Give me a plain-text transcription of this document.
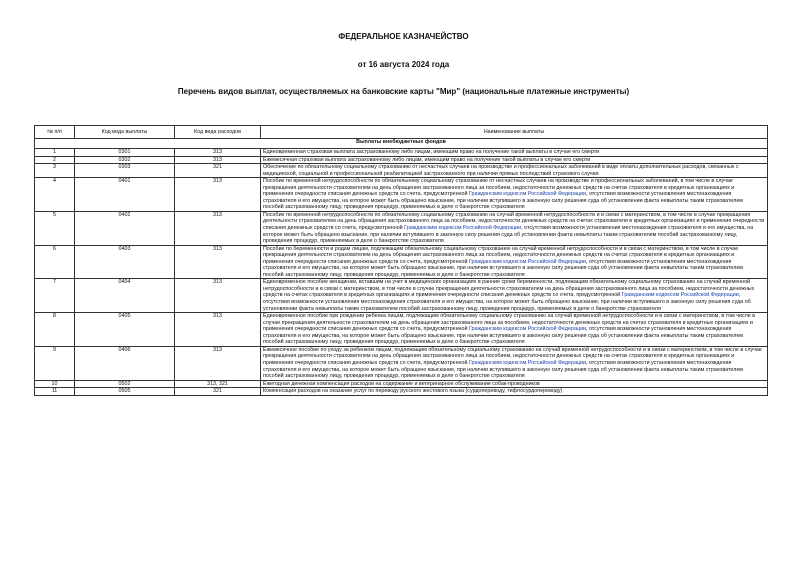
ФЕДЕРАЛЬНОЕ КАЗНАЧЕЙСТВО
от 16 августа 2024 года
Перечень видов выплат, осуществляемых на банковские карты "Мир" (национальные платежные инструменты)
№ п/п	Код вида выплаты	Код вида расходов	Наименование выплаты
Выплаты внебюджетных фондов			
1	0301	313	Единовременная страховая выплата застрахованному либо лицам, имеющим право на получение такой выплаты в случае его смерти
2	0302	313	Ежемесячная страховая выплата застрахованному либо лицам, имеющим право на получение такой выплаты в случае его смерти
3	0303	321	Обеспечение по обязательному социальному страхованию от несчастных случаев на производстве и профессиональных заболеваний в виде оплаты дополнительных расходов, связанных с медицинской, социальной и профессиональной реабилитацией застрахованного при наличии прямых последствий страхового случая
4	0401	313	Пособие по временной нетрудоспособности по обязательному социальному страхованию от несчастных случаев на производстве и профессиональных заболеваний, в том числе в случае прекращения деятельности страхователем на день обращения застрахованного лица за пособием, недостаточности денежных средств на счетах страхователя в кредитных организациях и применения очередности списания денежных средств со счета, предусмотренной Гражданским кодексом Российской Федерации, отсутствия возможности установления местонахождения страхователя и его имущества, на которое может быть обращено взыскание, при наличии вступившего в законную силу решения суда об установлении факта невыплаты таким страхователем пособий застрахованному лицу, проведения процедур, применяемых в деле о банкротстве страхователя
5	0402	313	Пособие по временной нетрудоспособности по обязательному социальному страхованию на случай временной нетрудоспособности и в связи с материнством, в том числе в случае прекращения деятельности страхователем на день обращения застрахованного лица за пособием, недостаточности денежных средств на счетах страхователя в кредитных организациях и применения очередности списания денежных средств со счета, предусмотренной Гражданским кодексом Российской Федерации, отсутствия возможности установления местонахождения страхователя и его имущества, на которое может быть обращено взыскание, при наличии вступившего в законную силу решения суда об установлении факта невыплаты таким страхователем пособий застрахованному лицу, проведения процедур, применяемых в деле о банкротстве страхователя
6	0403	313	Пособие по беременности и родам лицам, подлежащим обязательному социальному страхованию на случай временной нетрудоспособности и в связи с материнством, в том числе в случае прекращения деятельности страхователем на день обращения застрахованного лица за пособием, недостаточности денежных средств на счетах страхователя в кредитных организациях и применения очередности списания денежных средств со счета, предусмотренной Гражданским кодексом Российской Федерации, отсутствия возможности установления местонахождения страхователя и его имущества, на которое может быть обращено взыскание, при наличии вступившего в законную силу решения суда об установлении факта невыплаты таким страхователем пособий застрахованному лицу, проведения процедур, применяемых в деле о банкротстве страхователя
7	0404	313	Единовременное пособие женщинам, вставшим на учет в медицинских организациях в ранние сроки беременности, подлежащим обязательному социальному страхованию на случай временной нетрудоспособности и в связи с материнством, в том числе в случае прекращения деятельности страхователем на день обращения застрахованного лица за пособием, недостаточности денежных средств на счетах страхователя в кредитных организациях и применения очередности списания денежных средств со счета, предусмотренной Гражданским кодексом Российской Федерации, отсутствия возможности установления местонахождения страхователя и его имущества, на которое может быть обращено взыскание, при наличии вступившего в законную силу решения суда об установлении факта невыплаты таким страхователем пособий застрахованному лицу, проведения процедур, применяемых в деле о банкротстве страхователя
8	0405	313	Единовременное пособие при рождении ребенка лицам, подлежащим обязательному социальному страхованию на случай временной нетрудоспособности и в связи с материнством, в том числе в случае прекращения деятельности страхователем на день обращения застрахованного лица за пособием, недостаточности денежных средств на счетах страхователя в кредитных организациях и применения очередности списания денежных средств со счета, предусмотренной Гражданским кодексом Российской Федерации, отсутствия возможности установления местонахождения страхователя и его имущества, на которое может быть обращено взыскание, при наличии вступившего в законную силу решения суда об установлении факта невыплаты таким страхователем пособий застрахованному лицу, проведения процедур, применяемых в деле о банкротстве страхователя
9	0406	313	Ежемесячное пособие по уходу за ребенком лицам, подлежащим обязательному социальному страхованию на случай временной нетрудоспособности и в связи с материнством, в том числе в случае прекращения деятельности страхователем на день обращения застрахованного лица за пособием, недостаточности денежных средств на счетах страхователя в кредитных организациях и применения очередности списания денежных средств со счета, предусмотренной Гражданским кодексом Российской Федерации, отсутствия возможности установления местонахождения страхователя и его имущества, на которое может быть обращено взыскание, при наличии вступившего в законную силу решения суда об установлении факта невыплаты таким страхователем пособий застрахованному лицу, проведения процедур, применяемых в деле о банкротстве страхователя
10	0502	313, 321	Ежегодная денежная компенсация расходов на содержание и ветеринарное обслуживание собак-проводников
11	0505	321	Компенсация расходов на оказание услуг по переводу русского жестового языка (сурдопереводу, тифлосурдопереводу)
